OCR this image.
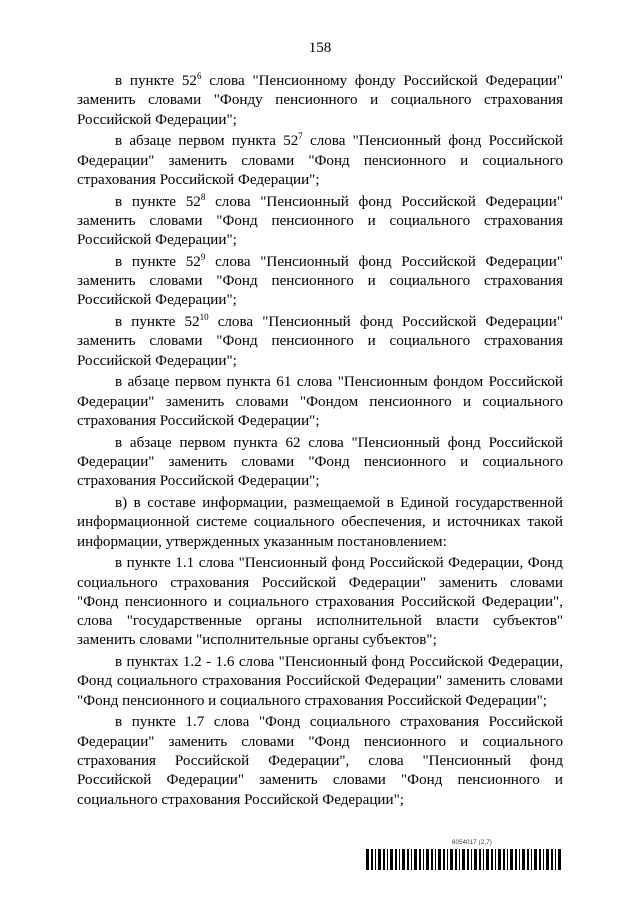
158

в пункте $52^6$ слова "Пенсионному фонду Российской Федерации" заменить словами "Фонду пенсионного и социального страхования Российской Федерации";

в абзаце первом пункта $52^7$ слова "Пенсионный фонд Российской Федерации" заменить словами "Фонд пенсионного и социального страхования Российской Федерации";

в пункте $52^8$ слова "Пенсионный фонд Российской Федерации" заменить словами "Фонд пенсионного и социального страхования Российской Федерации";

в пункте $52^9$ слова "Пенсионный фонд Российской Федерации" заменить словами "Фонд пенсионного и социального страхования Российской Федерации";

в пункте $52^{10}$ слова "Пенсионный фонд Российской Федерации" заменить словами "Фонд пенсионного и социального страхования Российской Федерации";

в абзаце первом пункта 61 слова "Пенсионным фондом Российской Федерации" заменить словами "Фондом пенсионного и социального страхования Российской Федерации";

в абзаце первом пункта 62 слова "Пенсионный фонд Российской Федерации" заменить словами "Фонд пенсионного и социального страхования Российской Федерации";

в) в составе информации, размещаемой в Единой государственной информационной системе социального обеспечения, и источниках такой информации, утвержденных указанным постановлением:

в пункте 1.1 слова "Пенсионный фонд Российской Федерации, Фонд социального страхования Российской Федерации" заменить словами "Фонд пенсионного и социального страхования Российской Федерации", слова "государственные органы исполнительной власти субъектов" заменить словами "исполнительные органы субъектов";

в пунктах 1.2 - 1.6 слова "Пенсионный фонд Российской Федерации, Фонд социального страхования Российской Федерации" заменить словами "Фонд пенсионного и социального страхования Российской Федерации";

в пункте 1.7 слова "Фонд социального страхования Российской Федерации" заменить словами "Фонд пенсионного и социального страхования Российской Федерации", слова "Пенсионный фонд Российской Федерации" заменить словами "Фонд пенсионного и социального страхования Российской Федерации";

6054017 (2.7)
